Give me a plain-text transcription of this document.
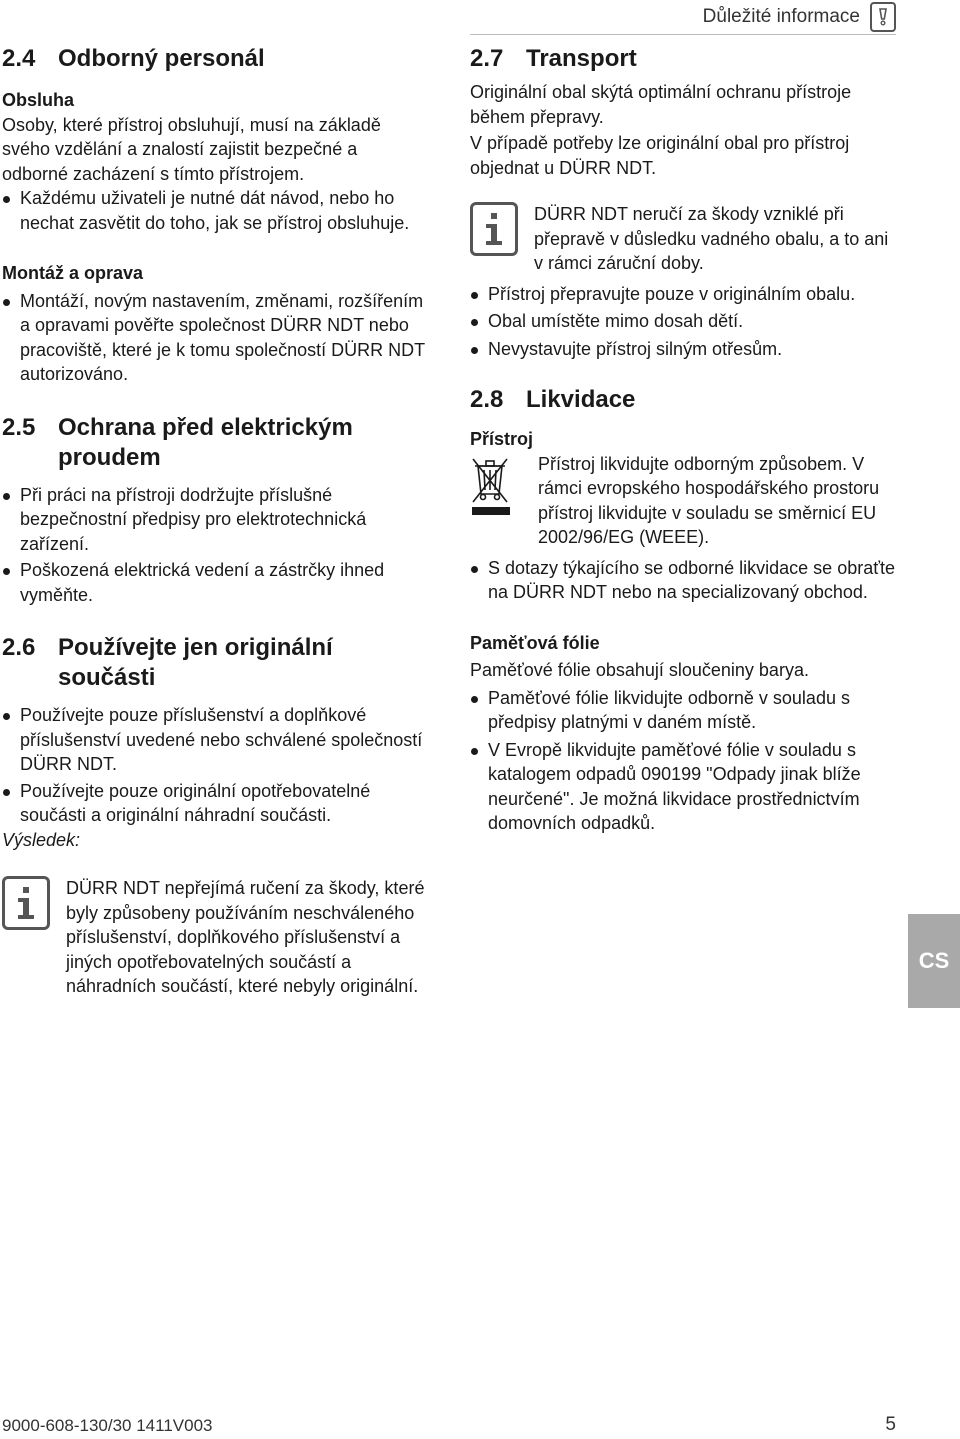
Důležité informace
2.4 Odborný personál
Obsluha

Osoby, které přístroj obsluhují, musí na základě svého vzdělání a znalostí zajistit bezpečné a odborné zacházení s tímto přístrojem.

Každému uživateli je nutné dát návod, nebo ho nechat zasvětit do toho, jak se přístroj obsluhuje.
Montáž a oprava
Montáží, novým nastavením, změnami, rozšířením a opravami pověřte společnost DÜRR NDT nebo pracoviště, které je k tomu společností DÜRR NDT autorizováno.
2.5 Ochrana před elektrickým proudem
Při práci na přístroji dodržujte příslušné bezpečnostní předpisy pro elektrotechnická zařízení.
Poškozená elektrická vedení a zástrčky ihned vyměňte.
2.6 Používejte jen originální součásti
Používejte pouze příslušenství a doplňkové příslušenství uvedené nebo schválené společností DÜRR NDT.
Používejte pouze originální opotřebovatelné součásti a originální náhradní součásti.

Výsledek:

DÜRR NDT nepřejímá ručení za škody, které byly způsobeny používáním neschváleného příslušenství, doplňkového příslušenství a jiných opotřebovatelných součástí a náhradních součástí, které nebyly originální.
2.7 Transport

Originální obal skýtá optimální ochranu přístroje během přepravy.

V případě potřeby lze originální obal pro přístroj objednat u DÜRR NDT.

DÜRR NDT neručí za škody vzniklé při přepravě v důsledku vadného obalu, a to ani v rámci záruční doby.
Přístroj přepravujte pouze v originálním obalu.
Obal umístěte mimo dosah dětí.
Nevystavujte přístroj silným otřesům.
2.8 Likvidace
Přístroj
Přístroj likvidujte odborným způsobem. V rámci evropského hospodářského prostoru přístroj likvidujte v souladu se směrnicí EU 2002/96/EG (WEEE).
S dotazy týkajícího se odborné likvidace se obraťte na DÜRR NDT nebo na specializovaný obchod.
Paměťová fólie

Paměťové fólie obsahují sloučeniny barya.

Paměťové fólie likvidujte odborně v souladu s předpisy platnými v daném místě.
V Evropě likvidujte paměťové fólie v souladu s katalogem odpadů 090199 "Odpady jinak blíže neurčené". Je možná likvidace prostřednictvím domovních odpadků.
CS
9000-608-130/30 1411V003	5
